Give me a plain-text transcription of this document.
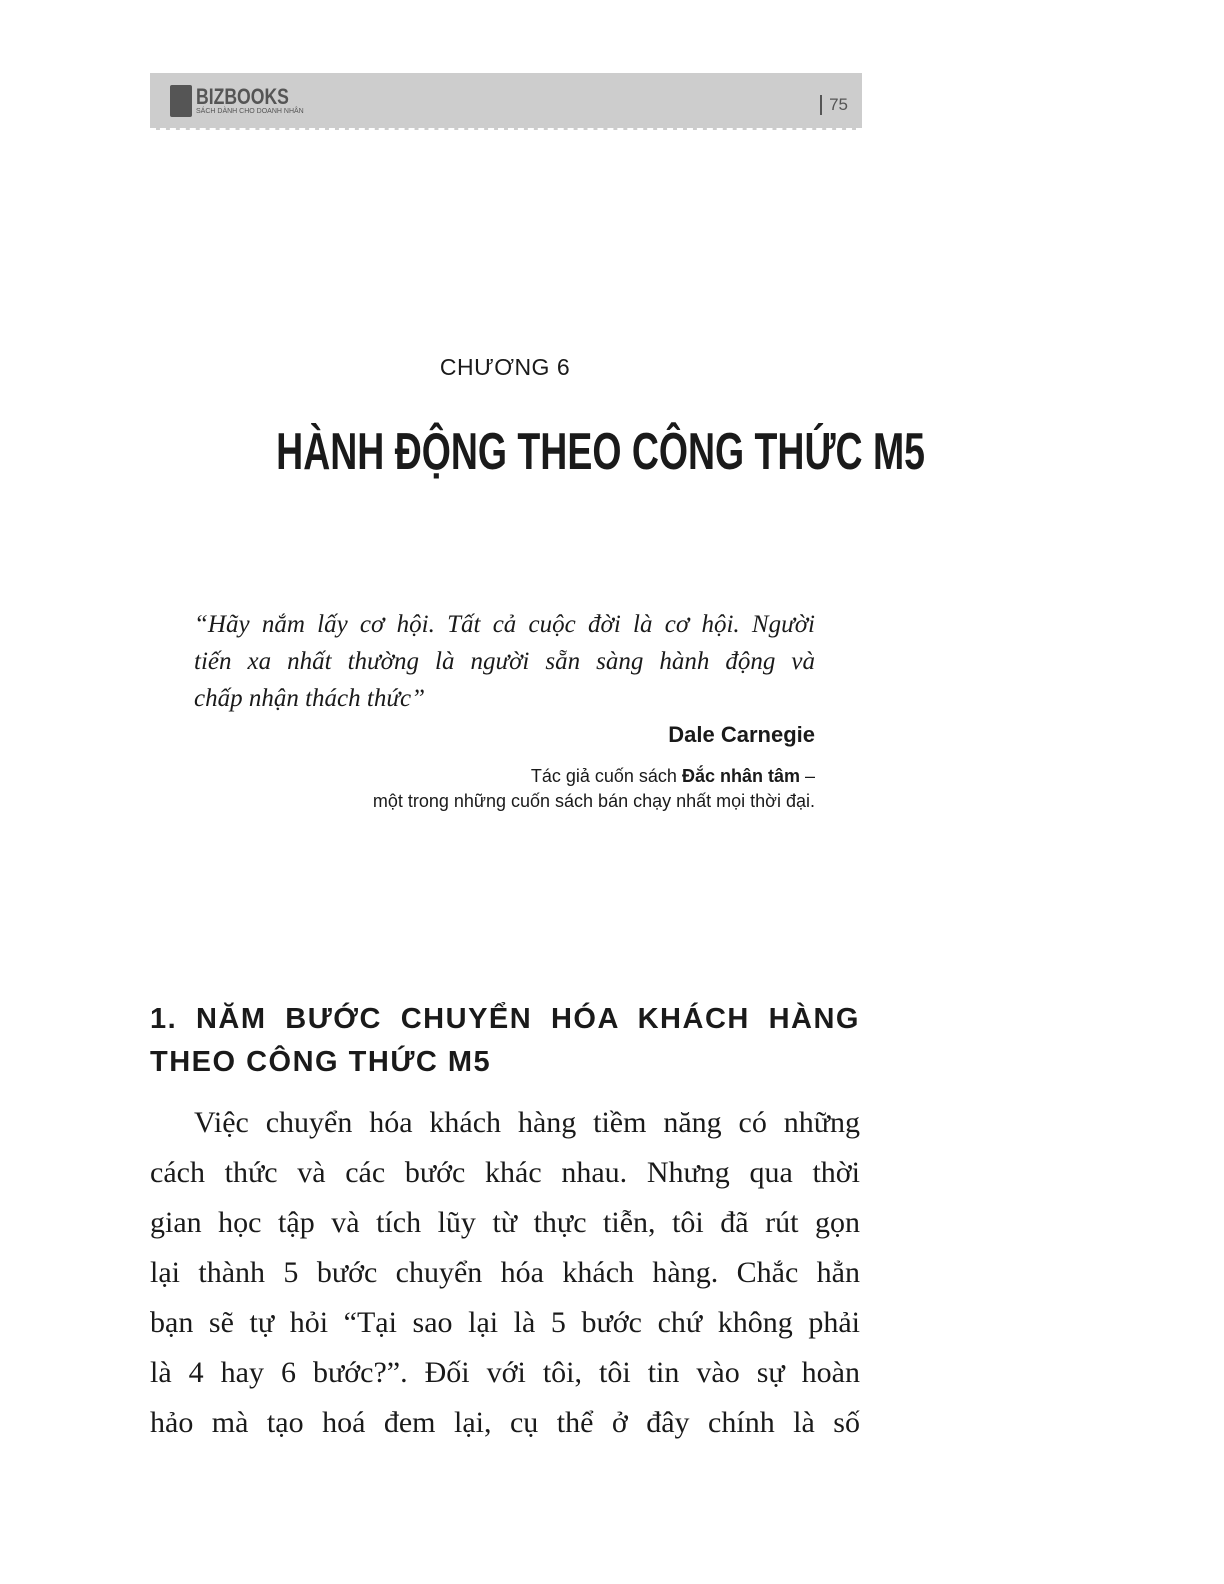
BIZBOOKS
SÁCH DÀNH CHO DOANH NHÂN	75
CHƯƠNG 6
HÀNH ĐỘNG THEO CÔNG THỨC M5
“Hãy nắm lấy cơ hội. Tất cả cuộc đời là cơ hội. Người
tiến xa nhất thường là người sẵn sàng hành động và
chấp nhận thách thức”
Dale Carnegie
Tác giả cuốn sách Đắc nhân tâm –
một trong những cuốn sách bán chạy nhất mọi thời đại.
1. NĂM BƯỚC CHUYỂN HÓA KHÁCH HÀNG
THEO CÔNG THỨC M5
Việc chuyển hóa khách hàng tiềm năng có những
cách thức và các bước khác nhau. Nhưng qua thời
gian học tập và tích lũy từ thực tiễn, tôi đã rút gọn
lại thành 5 bước chuyển hóa khách hàng. Chắc hẳn
bạn sẽ tự hỏi “Tại sao lại là 5 bước chứ không phải
là 4 hay 6 bước?”. Đối với tôi, tôi tin vào sự hoàn
hảo mà tạo hoá đem lại, cụ thể ở đây chính là số
